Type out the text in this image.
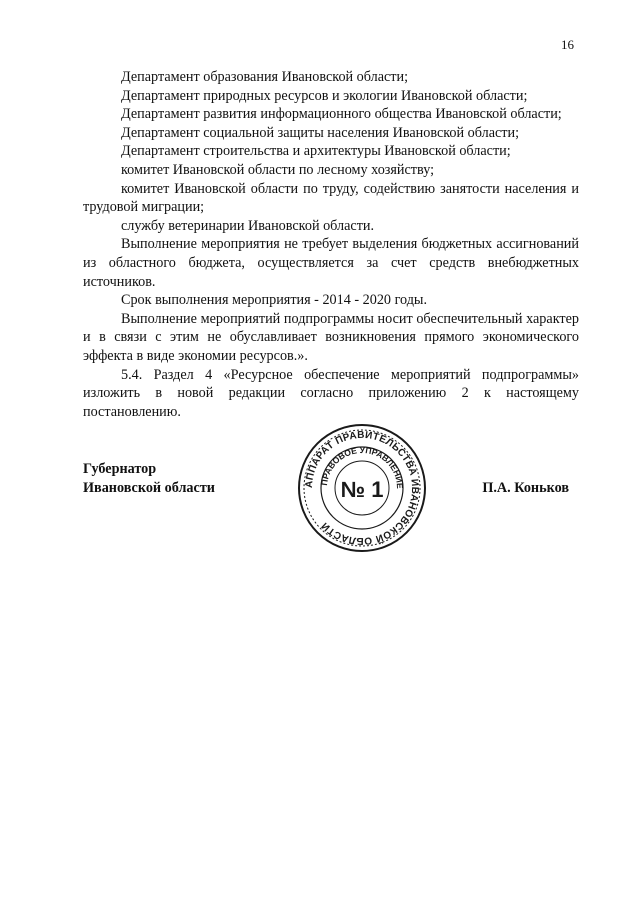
16

Департамент образования Ивановской области;

Департамент природных ресурсов и экологии Ивановской области;

Департамент развития информационного общества Ивановской области;

Департамент социальной защиты населения Ивановской области;

Департамент строительства и архитектуры Ивановской области;

комитет Ивановской области по лесному хозяйству;

комитет Ивановской области по труду, содействию занятости населения и трудовой миграции;

службу ветеринарии Ивановской области.

Выполнение мероприятия не требует выделения бюджетных ассигнований из областного бюджета, осуществляется за счет средств внебюджетных источников.

Срок выполнения мероприятия - 2014 - 2020 годы.

Выполнение мероприятий подпрограммы носит обеспечительный характер и в связи с этим не обуславливает возникновения прямого экономического эффекта в виде экономии ресурсов.».

5.4. Раздел 4 «Ресурсное обеспечение мероприятий подпрограммы» изложить в новой редакции согласно приложению 2 к настоящему постановлению.

Губернатор
Ивановской области	П.А. Коньков
АППАРАТ ПРАВИТЕЛЬСТВА ИВАНОВСКОЙ ОБЛАСТИ
ПРАВОВОЕ УПРАВЛЕНИЕ
№ 1
